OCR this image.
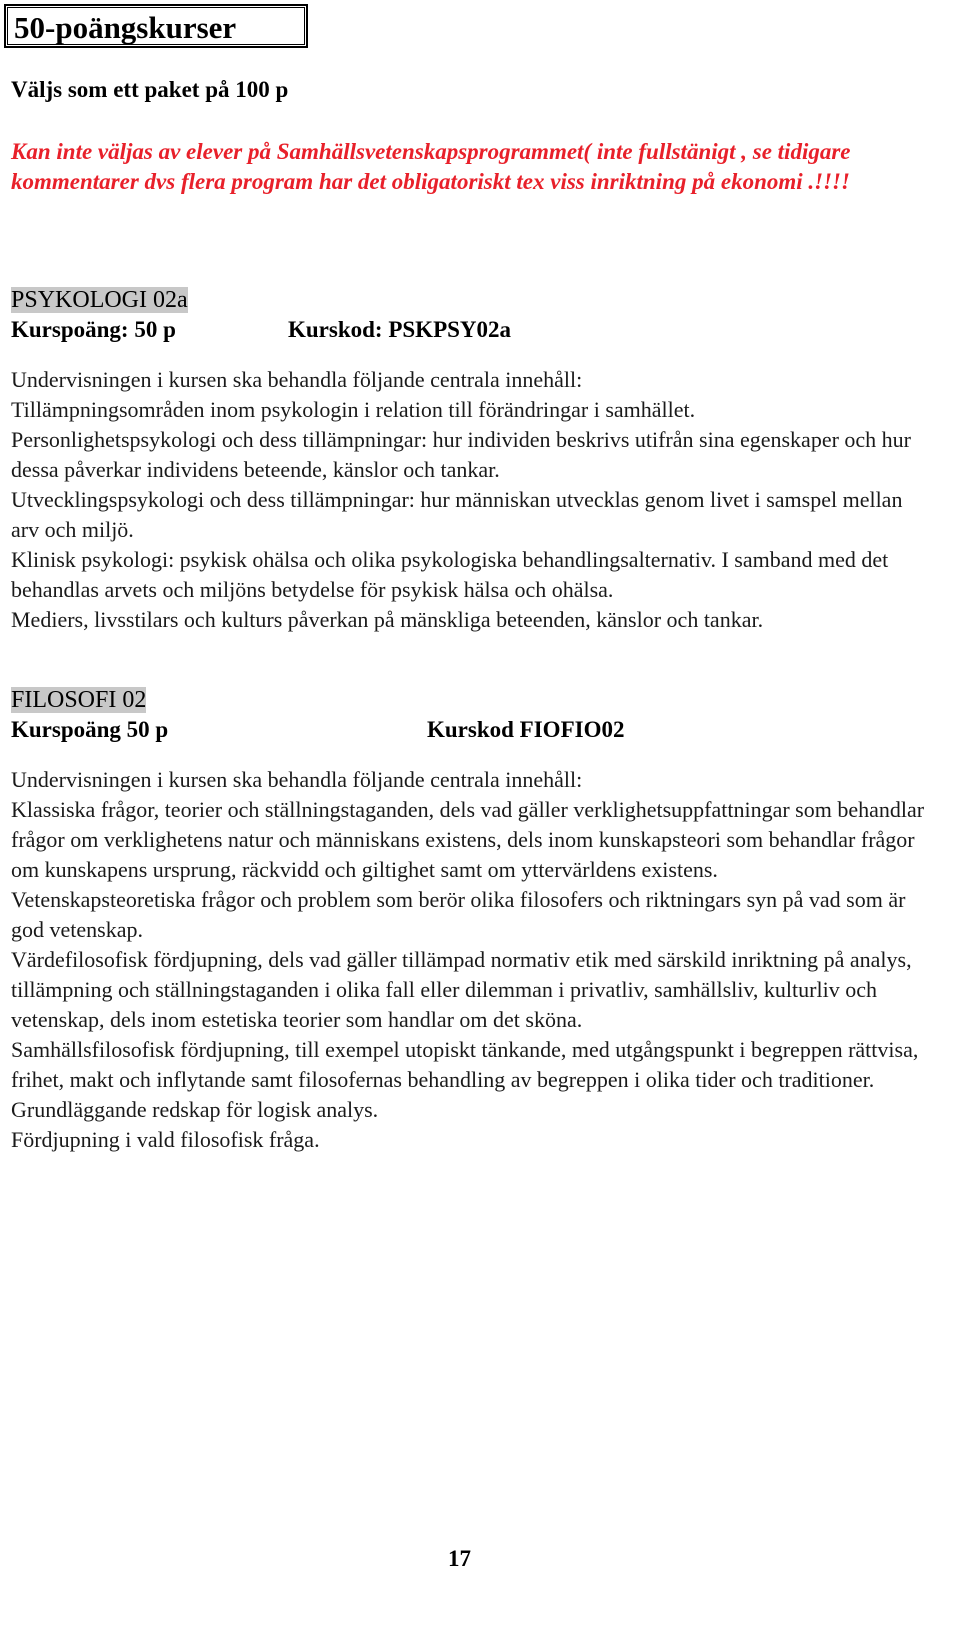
50-poängskurser
Väljs som ett paket på 100 p

Kan inte väljas av elever på Samhällsvetenskapsprogrammet( inte fullstänigt , se tidigare kommentarer dvs flera program har det obligatoriskt tex viss inriktning på ekonomi .!!!!

PSYKOLOGI 02a
Kurspoäng: 50 p	Kurskod: PSKPSY02a

Undervisningen i kursen ska behandla följande centrala innehåll:

Tillämpningsområden inom psykologin i relation till förändringar i samhället.

Personlighetspsykologi och dess tillämpningar: hur individen beskrivs utifrån sina egenskaper och hur dessa påverkar individens beteende, känslor och tankar.

Utvecklingspsykologi och dess tillämpningar: hur människan utvecklas genom livet i samspel mellan arv och miljö.

Klinisk psykologi: psykisk ohälsa och olika psykologiska behandlingsalternativ. I samband med det behandlas arvets och miljöns betydelse för psykisk hälsa och ohälsa.

Mediers, livsstilars och kulturs påverkan på mänskliga beteenden, känslor och tankar.

FILOSOFI 02
Kurspoäng 50 p	Kurskod FIOFIO02

Undervisningen i kursen ska behandla följande centrala innehåll:

Klassiska frågor, teorier och ställningstaganden, dels vad gäller verklighetsuppfattningar som behandlar frågor om verklighetens natur och människans existens, dels inom kunskapsteori som behandlar frågor om kunskapens ursprung, räckvidd och giltighet samt om yttervärldens existens.

Vetenskapsteoretiska frågor och problem som berör olika filosofers och riktningars syn på vad som är god vetenskap.

Värdefilosofisk fördjupning, dels vad gäller tillämpad normativ etik med särskild inriktning på analys, tillämpning och ställningstaganden i olika fall eller dilemman i privatliv, samhällsliv, kulturliv och vetenskap, dels inom estetiska teorier som handlar om det sköna.

Samhällsfilosofisk fördjupning, till exempel utopiskt tänkande, med utgångspunkt i begreppen rättvisa, frihet, makt och inflytande samt filosofernas behandling av begreppen i olika tider och traditioner.

Grundläggande redskap för logisk analys.

Fördjupning i vald filosofisk fråga.

17
